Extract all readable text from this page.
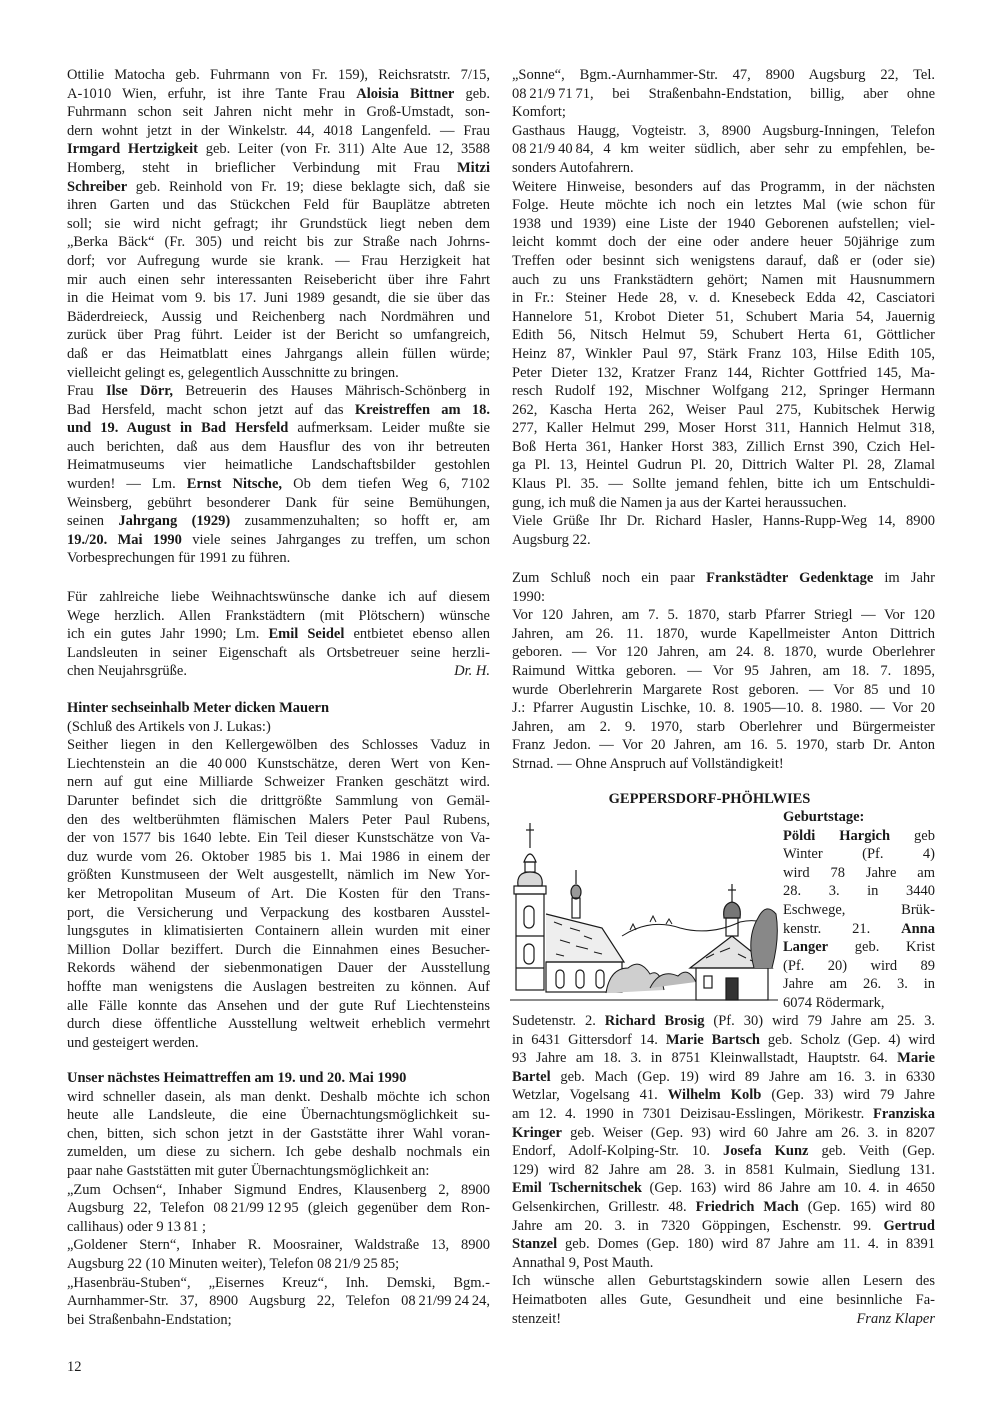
Ottilie Matocha geb. Fuhrmann von Fr. 159), Reichsratstr. 7/15,
A-1010 Wien, erfuhr, ist ihre Tante Frau Aloisia Bittner geb.
Fuhrmann schon seit Jahren nicht mehr in Groß-Umstadt, son-
dern wohnt jetzt in der Winkelstr. 44, 4018 Langenfeld. — Frau
Irmgard Hertzigkeit geb. Leiter (von Fr. 311) Alte Aue 12, 3588
Homberg, steht in brieflicher Verbindung mit Frau Mitzi
Schreiber geb. Reinhold von Fr. 19; diese beklagte sich, daß sie
ihren Garten und das Stückchen Feld für Bauplätze abtreten
soll; sie wird nicht gefragt; ihr Grundstück liegt neben dem
„Berka Bäck“ (Fr. 305) und reicht bis zur Straße nach Johrns-
dorf; vor Aufregung wurde sie krank. — Frau Herzigkeit hat
mir auch einen sehr interessanten Reisebericht über ihre Fahrt
in die Heimat vom 9. bis 17. Juni 1989 gesandt, die sie über das
Bäderdreieck, Aussig und Reichenberg nach Nordmähren und
zurück über Prag führt. Leider ist der Bericht so umfangreich,
daß er das Heimatblatt eines Jahrgangs allein füllen würde;
vielleicht gelingt es, gelegentlich Ausschnitte zu bringen.
Frau Ilse Dörr, Betreuerin des Hauses Mährisch-Schönberg in
Bad Hersfeld, macht schon jetzt auf das Kreistreffen am 18.
und 19. August in Bad Hersfeld aufmerksam. Leider mußte sie
auch berichten, daß aus dem Hausflur des von ihr betreuten
Heimatmuseums vier heimatliche Landschaftsbilder gestohlen
wurden! — Lm. Ernst Nitsche, Ob dem tiefen Weg 6, 7102
Weinsberg, gebührt besonderer Dank für seine Bemühungen,
seinen Jahrgang (1929) zusammenzuhalten; so hofft er, am
19./20. Mai 1990 viele seines Jahrganges zu treffen, um schon
Vorbesprechungen für 1991 zu führen.
Für zahlreiche liebe Weihnachtswünsche danke ich auf diesem
Wege herzlich. Allen Frankstädtern (mit Plötschern) wünsche
ich ein gutes Jahr 1990; Lm. Emil Seidel entbietet ebenso allen
Landsleuten in seiner Eigenschaft als Ortsbetreuer seine herzli-
chen Neujahrsgrüße.	Dr. H.
Hinter sechseinhalb Meter dicken Mauern
(Schluß des Artikels von J. Lukas:)
Seither liegen in den Kellergewölben des Schlosses Vaduz in
Liechtenstein an die 40 000 Kunstschätze, deren Wert von Ken-
nern auf gut eine Milliarde Schweizer Franken geschätzt wird.
Darunter befindet sich die drittgrößte Sammlung von Gemäl-
den des weltberühmten flämischen Malers Peter Paul Rubens,
der von 1577 bis 1640 lebte. Ein Teil dieser Kunstschätze von Va-
duz wurde vom 26. Oktober 1985 bis 1. Mai 1986 in einem der
größten Kunstmuseen der Welt ausgestellt, nämlich im New Yor-
ker Metropolitan Museum of Art. Die Kosten für den Trans-
port, die Versicherung und Verpackung des kostbaren Ausstel-
lungsgutes in klimatisierten Containern allein wurden mit einer
Million Dollar beziffert. Durch die Einnahmen eines Besucher-
Rekords wähend der siebenmonatigen Dauer der Ausstellung
hoffte man wenigstens die Auslagen bestreiten zu können. Auf
alle Fälle konnte das Ansehen und der gute Ruf Liechtensteins
durch diese öffentliche Ausstellung weltweit erheblich vermehrt
und gesteigert werden.
Unser nächstes Heimattreffen am 19. und 20. Mai 1990
wird schneller dasein, als man denkt. Deshalb möchte ich schon
heute alle Landsleute, die eine Übernachtungsmöglichkeit su-
chen, bitten, sich schon jetzt in der Gaststätte ihrer Wahl voran-
zumelden, um diese zu sichern. Ich gebe deshalb nochmals ein
paar nahe Gaststätten mit guter Übernachtungsmöglichkeit an:
„Zum Ochsen“, Inhaber Sigmund Endres, Klausenberg 2, 8900
Augsburg 22, Telefon 08 21/99 12 95 (gleich gegenüber dem Ron-
callihaus) oder 9 13 81 ;
„Goldener Stern“, Inhaber R. Moosrainer, Waldstraße 13, 8900
Augsburg 22 (10 Minuten weiter), Telefon 08 21/9 25 85;
„Hasenbräu-Stuben“, „Eisernes Kreuz“, Inh. Demski, Bgm.-
Aurnhammer-Str. 37, 8900 Augsburg 22, Telefon 08 21/99 24 24,
bei Straßenbahn-Endstation;
„Sonne“, Bgm.-Aurnhammer-Str. 47, 8900 Augsburg 22, Tel.
08 21/9 71 71, bei Straßenbahn-Endstation, billig, aber ohne
Komfort;
Gasthaus Haugg, Vogteistr. 3, 8900 Augsburg-Inningen, Telefon
08 21/9 40 84, 4 km weiter südlich, aber sehr zu empfehlen, be-
sonders Autofahrern.
Weitere Hinweise, besonders auf das Programm, in der nächsten
Folge. Heute möchte ich noch ein letztes Mal (wie schon für
1938 und 1939) eine Liste der 1940 Geborenen aufstellen; viel-
leicht kommt doch der eine oder andere heuer 50jährige zum
Treffen oder besinnt sich wenigstens darauf, daß er (oder sie)
auch zu uns Frankstädtern gehört; Namen mit Hausnummern
in Fr.: Steiner Hede 28, v. d. Knesebeck Edda 42, Casciatori
Hannelore 51, Krobot Dieter 51, Schubert Maria 54, Jauernig
Edith 56, Nitsch Helmut 59, Schubert Herta 61, Göttlicher
Heinz 87, Winkler Paul 97, Stärk Franz 103, Hilse Edith 105,
Peter Dieter 132, Kratzer Franz 144, Richter Gottfried 145, Ma-
resch Rudolf 192, Mischner Wolfgang 212, Springer Hermann
262, Kascha Herta 262, Weiser Paul 275, Kubitschek Herwig
277, Kaller Helmut 299, Moser Horst 311, Hannich Helmut 318,
Boß Herta 361, Hanker Horst 383, Zillich Ernst 390, Czich Hel-
ga Pl. 13, Heintel Gudrun Pl. 20, Dittrich Walter Pl. 28, Zlamal
Klaus Pl. 35. — Sollte jemand fehlen, bitte ich um Entschuldi-
gung, ich muß die Namen ja aus der Kartei heraussuchen.
Viele Grüße Ihr Dr. Richard Hasler, Hanns-Rupp-Weg 14, 8900
Augsburg 22.
Zum Schluß noch ein paar Frankstädter Gedenktage im Jahr
1990:
Vor 120 Jahren, am 7. 5. 1870, starb Pfarrer Striegl — Vor 120
Jahren, am 26. 11. 1870, wurde Kapellmeister Anton Dittrich
geboren. — Vor 120 Jahren, am 24. 8. 1870, wurde Oberlehrer
Raimund Wittka geboren. — Vor 95 Jahren, am 18. 7. 1895,
wurde Oberlehrerin Margarete Rost geboren. — Vor 85 und 10
J.: Pfarrer Augustin Lischke, 10. 8. 1905—10. 8. 1980. — Vor 20
Jahren, am 2. 9. 1970, starb Oberlehrer und Bürgermeister
Franz Jedon. — Vor 20 Jahren, am 16. 5. 1970, starb Dr. Anton
Strnad. — Ohne Anspruch auf Vollständigkeit!
GEPPERSDORF-PHÖHLWIES
Geburtstage:
Pöldi Hargich geb
Winter (Pf. 4)
wird 78 Jahre am
28. 3. in 3440
Eschwege, Brük-
kenstr. 21. Anna
Langer geb. Krist
(Pf. 20) wird 89
Jahre am 26. 3. in
6074 Rödermark,
Sudetenstr. 2. Richard Brosig (Pf. 30) wird 79 Jahre am 25. 3.
in 6431 Gittersdorf 14. Marie Bartsch geb. Scholz (Gep. 4) wird
93 Jahre am 18. 3. in 8751 Kleinwallstadt, Hauptstr. 64. Marie
Bartel geb. Mach (Gep. 19) wird 89 Jahre am 16. 3. in 6330
Wetzlar, Vogelsang 41. Wilhelm Kolb (Gep. 33) wird 79 Jahre
am 12. 4. 1990 in 7301 Deizisau-Esslingen, Mörikestr. Franziska
Kringer geb. Weiser (Gep. 93) wird 60 Jahre am 26. 3. in 8207
Endorf, Adolf-Kolping-Str. 10. Josefa Kunz geb. Veith (Gep.
129) wird 82 Jahre am 28. 3. in 8581 Kulmain, Siedlung 131.
Emil Tschernitschek (Gep. 163) wird 86 Jahre am 10. 4. in 4650
Gelsenkirchen, Grillestr. 48. Friedrich Mach (Gep. 165) wird 80
Jahre am 20. 3. in 7320 Göppingen, Eschenstr. 99. Gertrud
Stanzel geb. Domes (Gep. 180) wird 87 Jahre am 11. 4. in 8391
Annathal 9, Post Mauth.
Ich wünsche allen Geburtstagskindern sowie allen Lesern des
Heimatboten alles Gute, Gesundheit und eine besinnliche Fa-
stenzeit!	Franz Klaper
12
